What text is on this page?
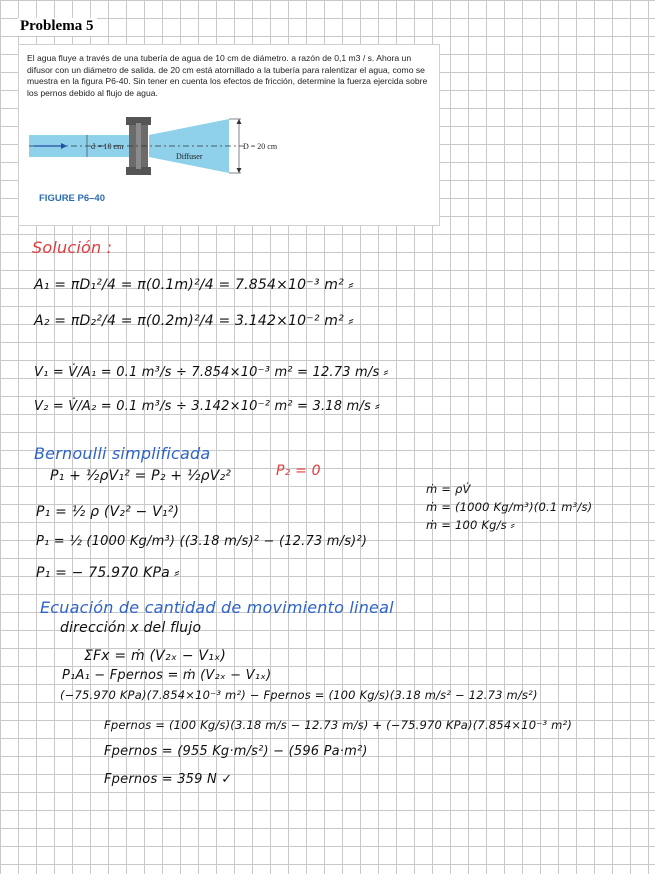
Problema 5
El agua fluye a través de una tubería de agua de 10 cm de diámetro. a razón de 0,1 m3 / s. Ahora un difusor con un diámetro de salida. de 20 cm está atornillado a la tubería para ralentizar el agua, como se muestra en la figura P6-40. Sin tener en cuenta los efectos de fricción, determine la fuerza ejercida sobre los pernos debido al flujo de agua.
d = 10 cm	D = 20 cm
Diffuser
FIGURE P6–40
Solución :
A₁ = πD₁²/4 = π(0.1m)²/4 = 7.854×10⁻³ m² ⸗
A₂ = πD₂²/4 = π(0.2m)²/4 = 3.142×10⁻² m² ⸗
V₁ = V̇/A₁ = 0.1 m³/s ÷ 7.854×10⁻³ m² = 12.73 m/s ⸗
V₂ = V̇/A₂ = 0.1 m³/s ÷ 3.142×10⁻² m² = 3.18 m/s ⸗
Bernoulli simplificada
P₁ + ½ρV₁² = P₂ + ½ρV₂²	P₂ = 0
P₁ = ½ ρ (V₂² − V₁²)
P₁ = ½ (1000 Kg/m³) ((3.18 m/s)² − (12.73 m/s)²)
P₁ = − 75.970 KPa ⸗
ṁ = ρV̇
ṁ = (1000 Kg/m³)(0.1 m³/s)
ṁ = 100 Kg/s ⸗
Ecuación de cantidad de movimiento lineal
dirección x del flujo
ΣFx = ṁ (V₂ₓ − V₁ₓ)
P₁A₁ − Fpernos = ṁ (V₂ₓ − V₁ₓ)
(−75.970 KPa)(7.854×10⁻³ m²) − Fpernos = (100 Kg/s)(3.18 m/s² − 12.73 m/s²)
Fpernos = (100 Kg/s)(3.18 m/s − 12.73 m/s) + (−75.970 KPa)(7.854×10⁻³ m²)
Fpernos = (955 Kg·m/s²) − (596 Pa·m²)
Fpernos = 359 N ✓
